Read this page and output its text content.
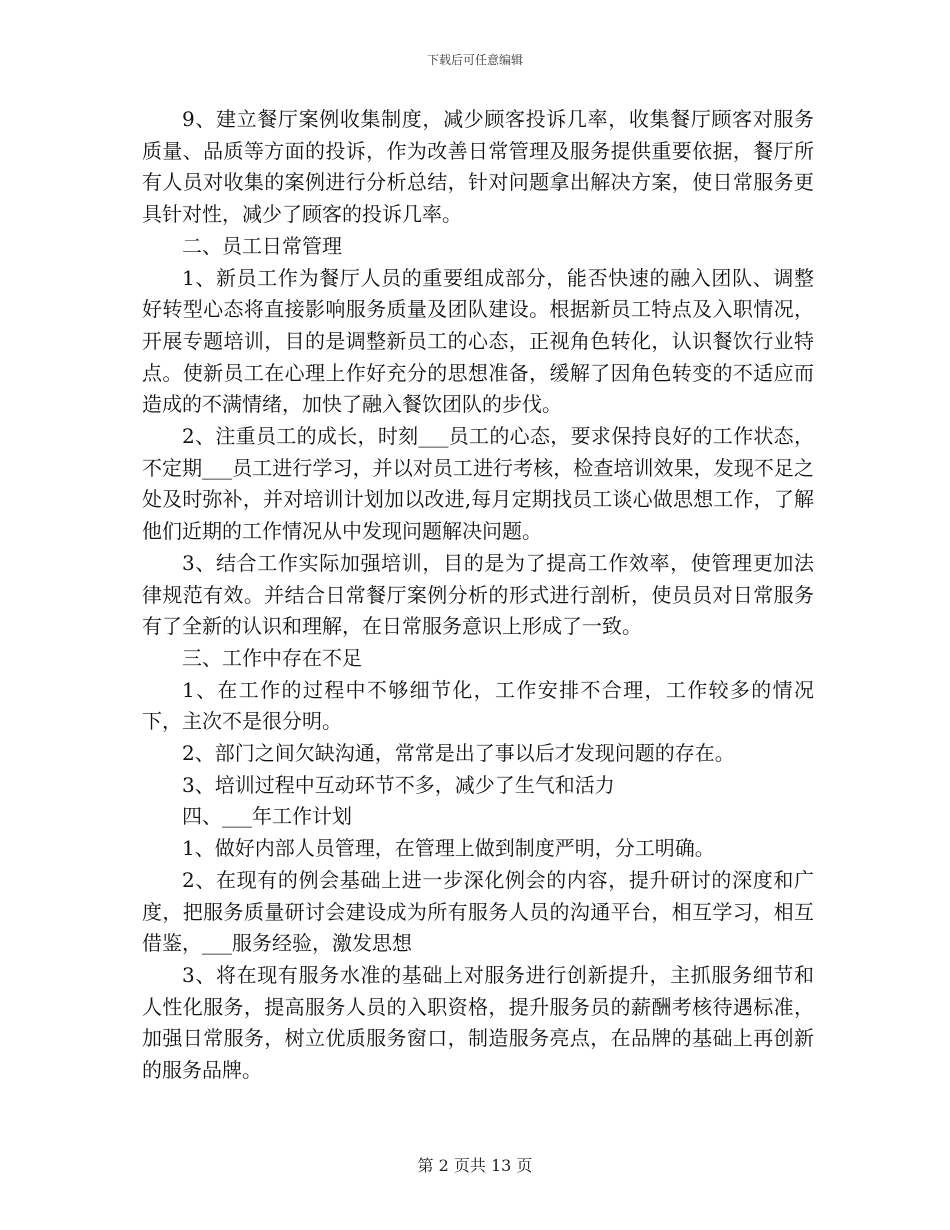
下载后可任意编辑

9、建立餐厅案例收集制度，减少顾客投诉几率，收集餐厅顾客对服务质量、品质等方面的投诉，作为改善日常管理及服务提供重要依据，餐厅所有人员对收集的案例进行分析总结，针对问题拿出解决方案，使日常服务更具针对性，减少了顾客的投诉几率。

二、员工日常管理

1、新员工作为餐厅人员的重要组成部分，能否快速的融入团队、调整好转型心态将直接影响服务质量及团队建设。根据新员工特点及入职情况，开展专题培训，目的是调整新员工的心态，正视角色转化，认识餐饮行业特点。使新员工在心理上作好充分的思想准备，缓解了因角色转变的不适应而造成的不满情绪，加快了融入餐饮团队的步伐。

2、注重员工的成长，时刻___员工的心态，要求保持良好的工作状态，不定期___员工进行学习，并以对员工进行考核，检查培训效果，发现不足之处及时弥补，并对培训计划加以改进,每月定期找员工谈心做思想工作，了解他们近期的工作情况从中发现问题解决问题。

3、结合工作实际加强培训，目的是为了提高工作效率，使管理更加法律规范有效。并结合日常餐厅案例分析的形式进行剖析，使员员对日常服务有了全新的认识和理解，在日常服务意识上形成了一致。

三、工作中存在不足

1、在工作的过程中不够细节化，工作安排不合理，工作较多的情况下，主次不是很分明。

2、部门之间欠缺沟通，常常是出了事以后才发现问题的存在。

3、培训过程中互动环节不多，减少了生气和活力

四、___年工作计划

1、做好内部人员管理，在管理上做到制度严明，分工明确。

2、在现有的例会基础上进一步深化例会的内容，提升研讨的深度和广度，把服务质量研讨会建设成为所有服务人员的沟通平台，相互学习，相互借鉴，___服务经验，激发思想

3、将在现有服务水准的基础上对服务进行创新提升，主抓服务细节和人性化服务，提高服务人员的入职资格，提升服务员的薪酬考核待遇标准，加强日常服务，树立优质服务窗口，制造服务亮点，在品牌的基础上再创新的服务品牌。

第 2 页共 13 页
